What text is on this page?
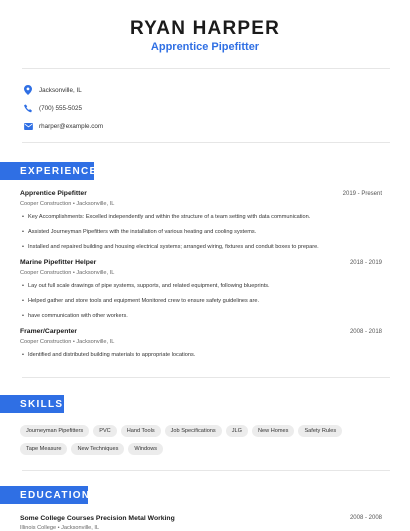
RYAN HARPER
Apprentice Pipefitter
Jacksonville, IL
(700) 555-5025
rharper@example.com
EXPERIENCE
Apprentice Pipefitter	2019 - Present
Cooper Construction • Jacksonville, IL
• Key Accomplishments: Excelled independently and within the structure of a team setting with data communication.
• Assisted Journeyman Pipefitters with the installation of various heating and cooling systems.
• Installed and repaired building and housing electrical systems; arranged wiring, fixtures and conduit boxes to prepare.
Marine Pipefitter Helper	2018 - 2019
Cooper Construction • Jacksonville, IL
• Lay out full scale drawings of pipe systems, supports, and related equipment, following blueprints.
• Helped gather and store tools and equipment Monitored crew to ensure safety guidelines are.
• have communication with other workers.
Framer/Carpenter	2008 - 2018
Cooper Construction • Jacksonville, IL
• Identified and distributed building materials to appropriate locations.
SKILLS
Journeyman Pipefitters	PVC	Hand Tools	Job Specifications	JLG	New Homes	Safety Rules
Tape Measure	New Techniques	Windows
EDUCATION
Some College Courses Precision Metal Working	2008 - 2008
Illinois College • Jacksonville, IL
